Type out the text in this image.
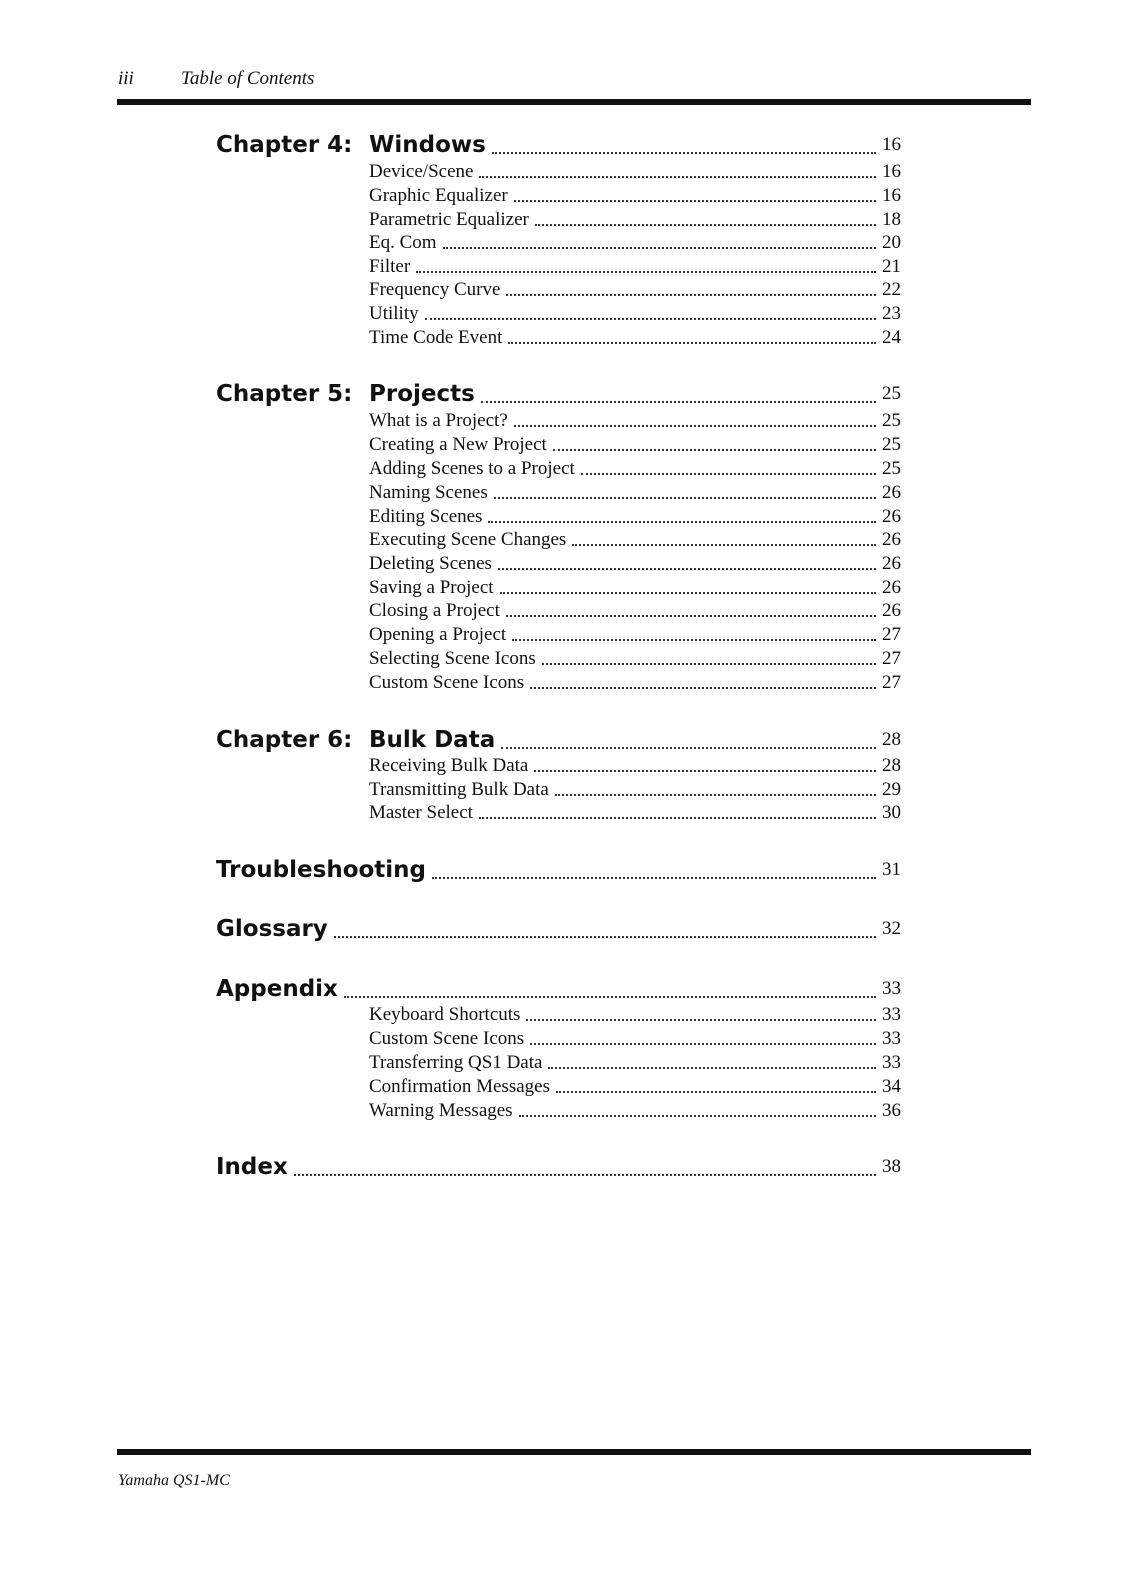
iii Table of Contents
Chapter 4: Windows	16
Device/Scene	16
Graphic Equalizer	16
Parametric Equalizer	18
Eq. Com	20
Filter	21
Frequency Curve	22
Utility	23
Time Code Event	24
Chapter 5: Projects	25
What is a Project?	25
Creating a New Project	25
Adding Scenes to a Project	25
Naming Scenes	26
Editing Scenes	26
Executing Scene Changes	26
Deleting Scenes	26
Saving a Project	26
Closing a Project	26
Opening a Project	27
Selecting Scene Icons	27
Custom Scene Icons	27
Chapter 6: Bulk Data	28
Receiving Bulk Data	28
Transmitting Bulk Data	29
Master Select	30
Troubleshooting	31
Glossary	32
Appendix	33
Keyboard Shortcuts	33
Custom Scene Icons	33
Transferring QS1 Data	33
Confirmation Messages	34
Warning Messages	36
Index	38
Yamaha QS1-MC
